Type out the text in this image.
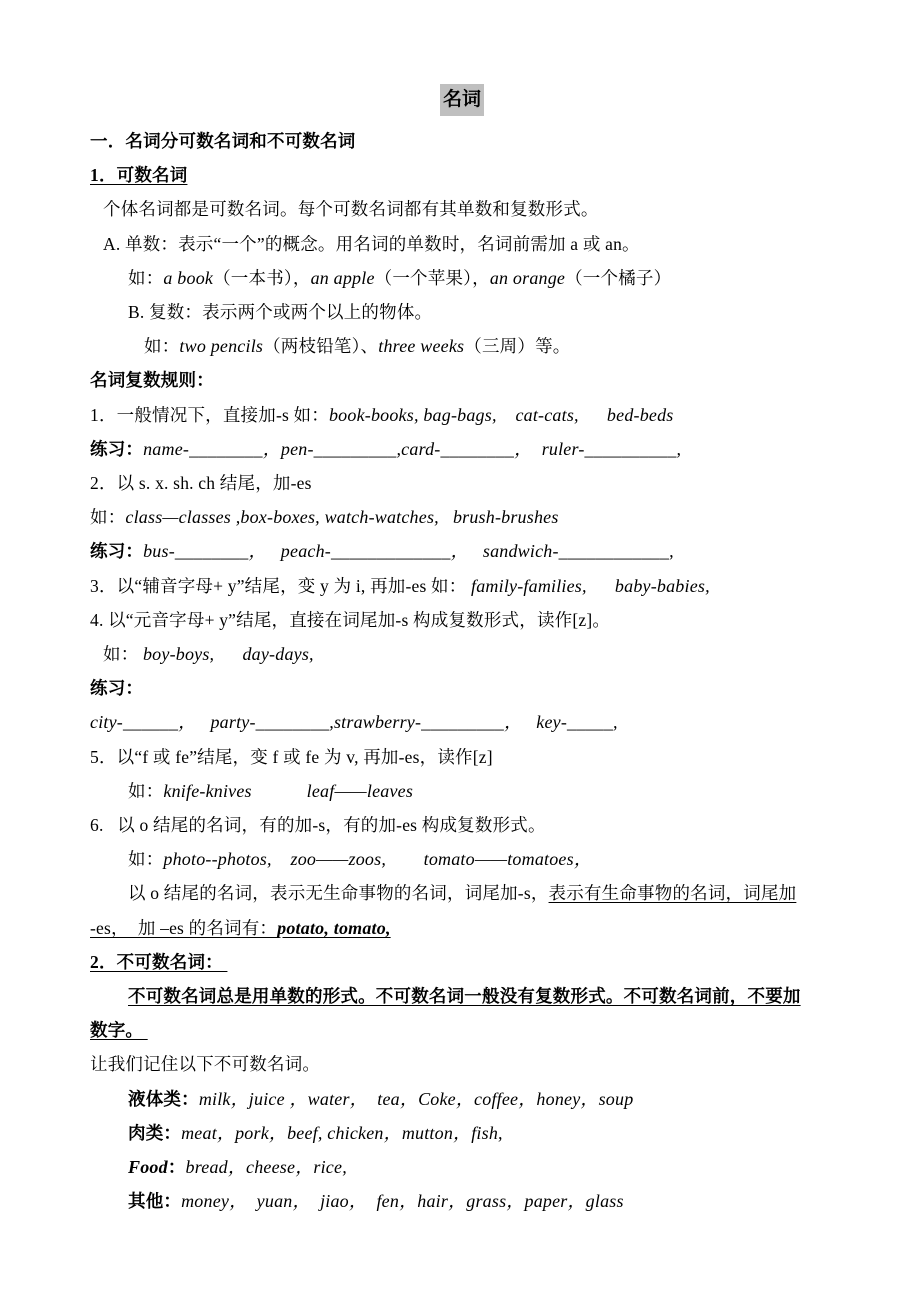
名词
一．名词分可数名词和不可数名词
1．可数名词
个体名词都是可数名词。每个可数名词都有其单数和复数形式。
A. 单数：表示“一个”的概念。用名词的单数时，名词前需加 a 或 an。
如：a book（一本书），an apple（一个苹果），an orange（一个橘子）
B. 复数：表示两个或两个以上的物体。
如：two pencils（两枝铅笔）、three weeks（三周）等。
名词复数规则：
1．一般情况下，直接加-s 如：book-books, bag-bags,    cat-cats,      bed-beds
练习：name-________，pen-_________,card-________，  ruler-__________,
2．以 s. x. sh. ch 结尾，加-es
如：class—classes ,box-boxes, watch-watches,   brush-brushes
练习：bus-________，   peach-_____________，   sandwich-____________,
3．以“辅音字母+ y”结尾，变 y 为 i, 再加-es 如： family-families,      baby-babies,
4. 以“元音字母+ y”结尾，直接在词尾加-s 构成复数形式，读作[z]。
如： boy-boys,      day-days,
练习：
city-______，   party-________,strawberry-_________，   key-_____,
5．以“f 或 fe”结尾，变 f 或 fe 为 v, 再加-es，读作[z]
如：knife-knives	leaf——leaves
6.   以 o 结尾的名词，有的加-s，有的加-es 构成复数形式。
如：photo--photos,    zoo——zoos,        tomato——tomatoes，
以 o 结尾的名词，表示无生命事物的名词，词尾加-s，表示有生命事物的名词，词尾加
-es，  加 –es 的名词有：potato, tomato,
2．不可数名词：
不可数名词总是用单数的形式。不可数名词一般没有复数形式。不可数名词前，不要加
数字。
让我们记住以下不可数名词。
液体类：milk，juice ，water，  tea，Coke，coffee，honey，soup
肉类：meat，pork，beef, chicken，mutton，fish,
Food：bread，cheese，rice,
其他：money，  yuan，  jiao，  fen，hair，grass，paper，glass
